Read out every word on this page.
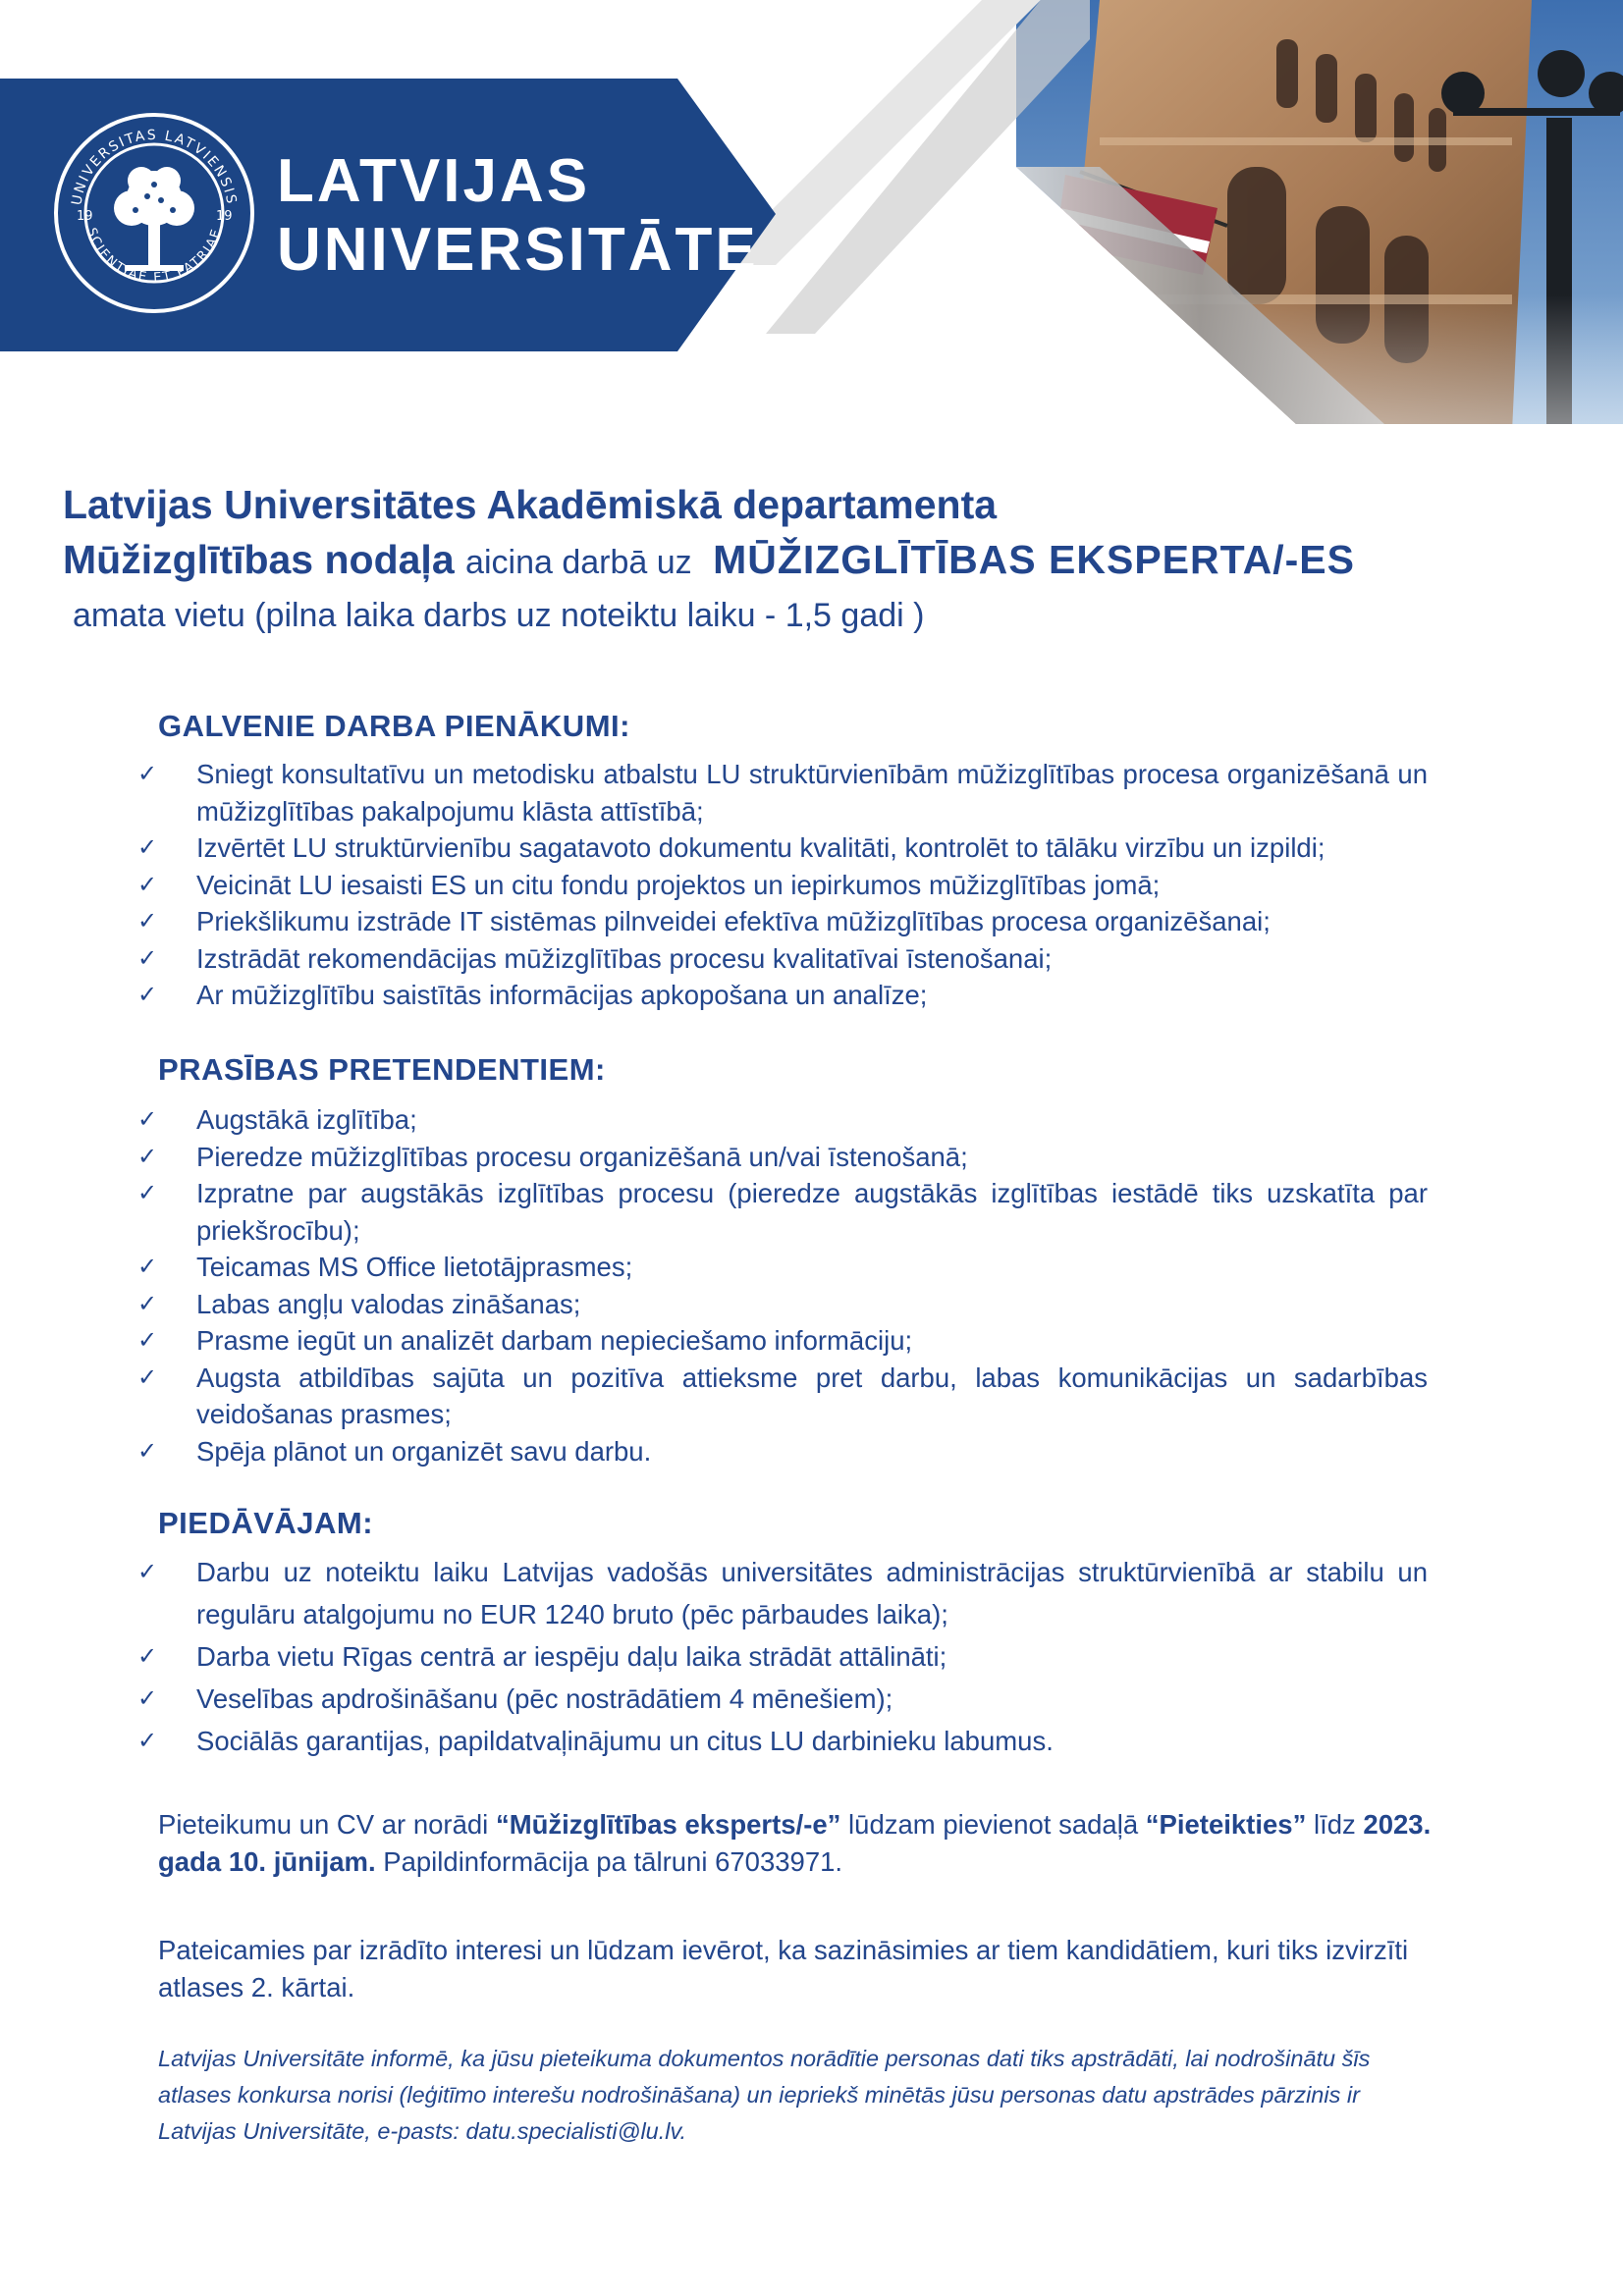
19	19
UNIVERSITAS LATVIENSIS
SCIENTIAE ET PATRIAE
LATVIJAS
UNIVERSITĀTE
Latvijas Universitātes Akadēmiskā departamenta
Mūžizglītības nodaļa aicina darbā uz MŪŽIZGLĪTĪBAS EKSPERTA/-ES
amata vietu (pilna laika darbs uz noteiktu laiku - 1,5 gadi )
GALVENIE DARBA PIENĀKUMI:
✓ Sniegt konsultatīvu un metodisku atbalstu LU struktūrvienībām mūžizglītības procesa organizēšanā un mūžizglītības pakalpojumu klāsta attīstībā;
✓ Izvērtēt LU struktūrvienību sagatavoto dokumentu kvalitāti, kontrolēt to tālāku virzību un izpildi;
✓ Veicināt LU iesaisti ES un citu fondu projektos un iepirkumos mūžizglītības jomā;
✓ Priekšlikumu izstrāde IT sistēmas pilnveidei efektīva mūžizglītības procesa organizēšanai;
✓ Izstrādāt rekomendācijas mūžizglītības procesu kvalitatīvai īstenošanai;
✓ Ar mūžizglītību saistītās informācijas apkopošana un analīze;
PRASĪBAS PRETENDENTIEM:
✓ Augstākā izglītība;
✓ Pieredze mūžizglītības procesu organizēšanā un/vai īstenošanā;
✓ Izpratne par augstākās izglītības procesu (pieredze augstākās izglītības iestādē tiks uzskatīta par priekšrocību);
✓ Teicamas MS Office lietotājprasmes;
✓ Labas angļu valodas zināšanas;
✓ Prasme iegūt un analizēt darbam nepieciešamo informāciju;
✓ Augsta atbildības sajūta un pozitīva attieksme pret darbu, labas komunikācijas un sadarbības veidošanas prasmes;
✓ Spēja plānot un organizēt savu darbu.
PIEDĀVĀJAM:
✓ Darbu uz noteiktu laiku Latvijas vadošās universitātes administrācijas struktūrvienībā ar stabilu un regulāru atalgojumu no EUR 1240 bruto (pēc pārbaudes laika);
✓ Darba vietu Rīgas centrā ar iespēju daļu laika strādāt attālināti;
✓ Veselības apdrošināšanu (pēc nostrādātiem 4 mēnešiem);
✓ Sociālās garantijas, papildatvaļinājumu un citus LU darbinieku labumus.
Pieteikumu un CV ar norādi “Mūžizglītības eksperts/-e” lūdzam pievienot sadaļā “Pieteikties” līdz 2023. gada 10. jūnijam. Papildinformācija pa tālruni 67033971.
Pateicamies par izrādīto interesi un lūdzam ievērot, ka sazināsimies ar tiem kandidātiem, kuri tiks izvirzīti atlases 2. kārtai.
Latvijas Universitāte informē, ka jūsu pieteikuma dokumentos norādītie personas dati tiks apstrādāti, lai nodrošinātu šīs atlases konkursa norisi (leģitīmo interešu nodrošināšana) un iepriekš minētās jūsu personas datu apstrādes pārzinis ir Latvijas Universitāte, e-pasts: datu.specialisti@lu.lv.
